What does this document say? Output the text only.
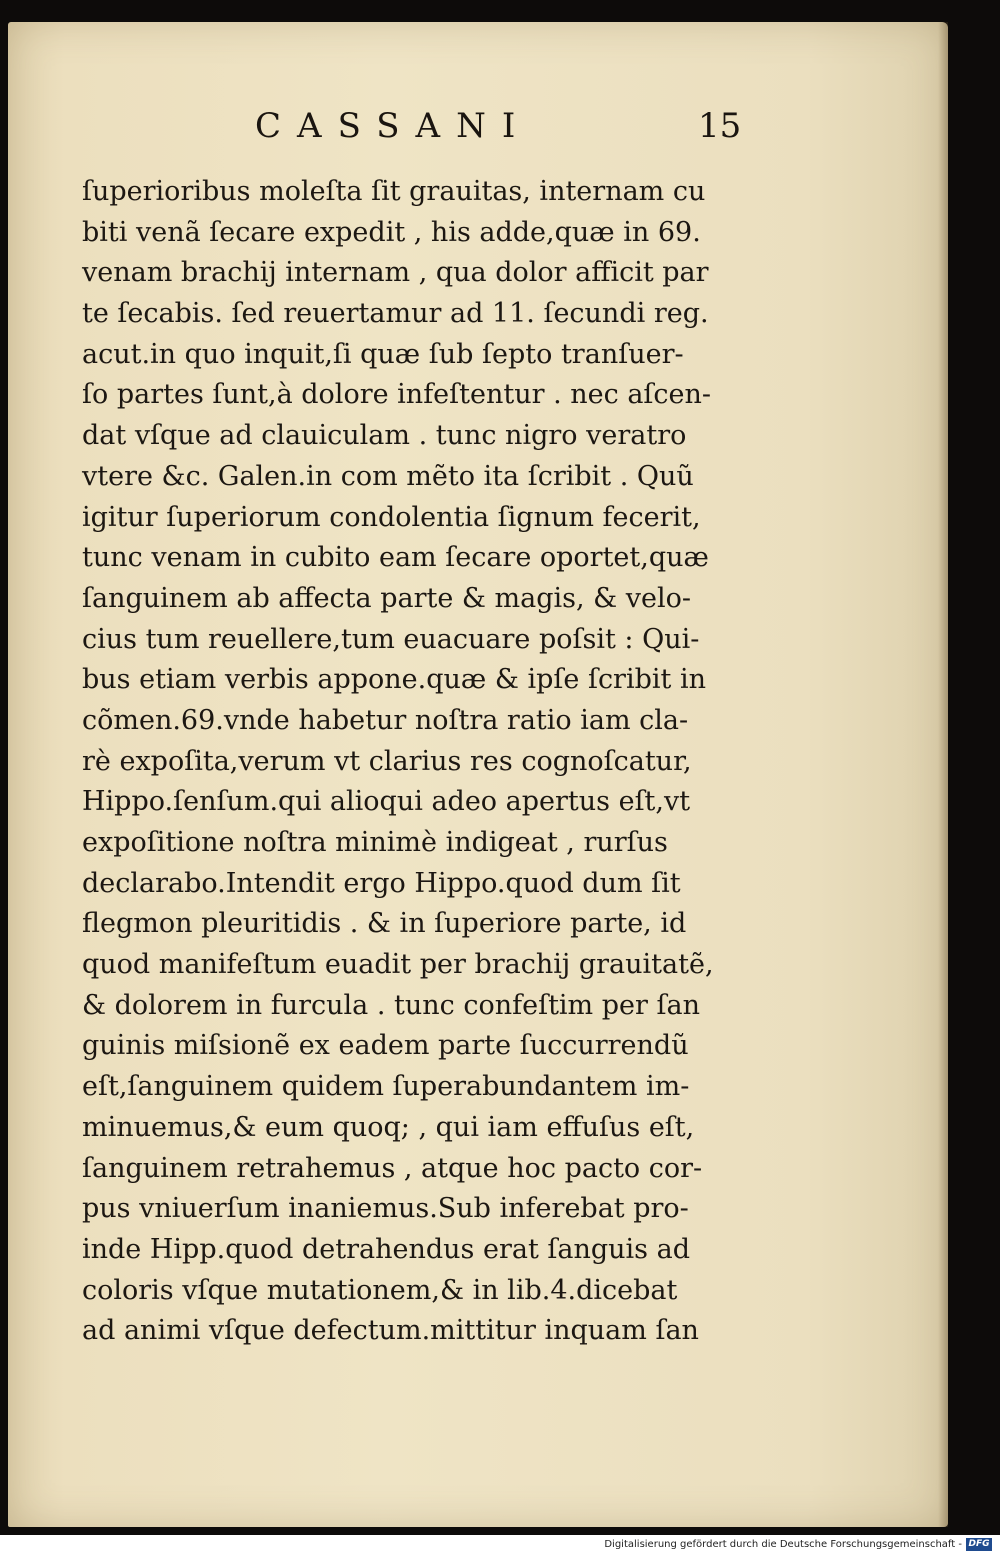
CASSANI	15
ſuperioribus moleſta ſit grauitas, internam cu
biti venã ſecare expedit , his adde,quæ in 69.
venam brachij internam , qua dolor afficit par
te ſecabis. ſed reuertamur ad 11. ſecundi reg.
acut.in quo inquit,ſi quæ ſub ſepto tranſuer-
ſo partes ſunt,à dolore infeſtentur . nec aſcen-
dat vſque ad clauiculam . tunc nigro veratro
vtere &c. Galen.in com mẽto ita ſcribit . Quũ
igitur ſuperiorum condolentia ſignum fecerit,
tunc venam in cubito eam ſecare oportet,quæ
ſanguinem ab affecta parte & magis, & velo-
cius tum reuellere,tum euacuare poſsit : Qui-
bus etiam verbis appone.quæ & ipſe ſcribit in
cõmen.69.vnde habetur noſtra ratio iam cla-
rè expoſita,verum vt clarius res cognoſcatur,
Hippo.ſenſum.qui alioqui adeo apertus eſt,vt
expoſitione noſtra minimè indigeat , rurſus
declarabo.Intendit ergo Hippo.quod dum ſit
flegmon pleuritidis . & in ſuperiore parte, id
quod manifeſtum euadit per brachij grauitatẽ,
& dolorem in furcula . tunc confeſtim per ſan
guinis miſsionẽ ex eadem parte ſuccurrendũ
eſt,ſanguinem quidem ſuperabundantem im-
minuemus,& eum quoq; , qui iam effuſus eſt,
ſanguinem retrahemus , atque hoc pacto cor-
pus vniuerſum inaniemus.Sub inferebat pro-
inde Hipp.quod detrahendus erat ſanguis ad
coloris vſque mutationem,& in lib.4.dicebat
ad animi vſque defectum.mittitur inquam ſan
Digitalisierung gefördert durch die Deutsche Forschungsgemeinschaft - DFG
